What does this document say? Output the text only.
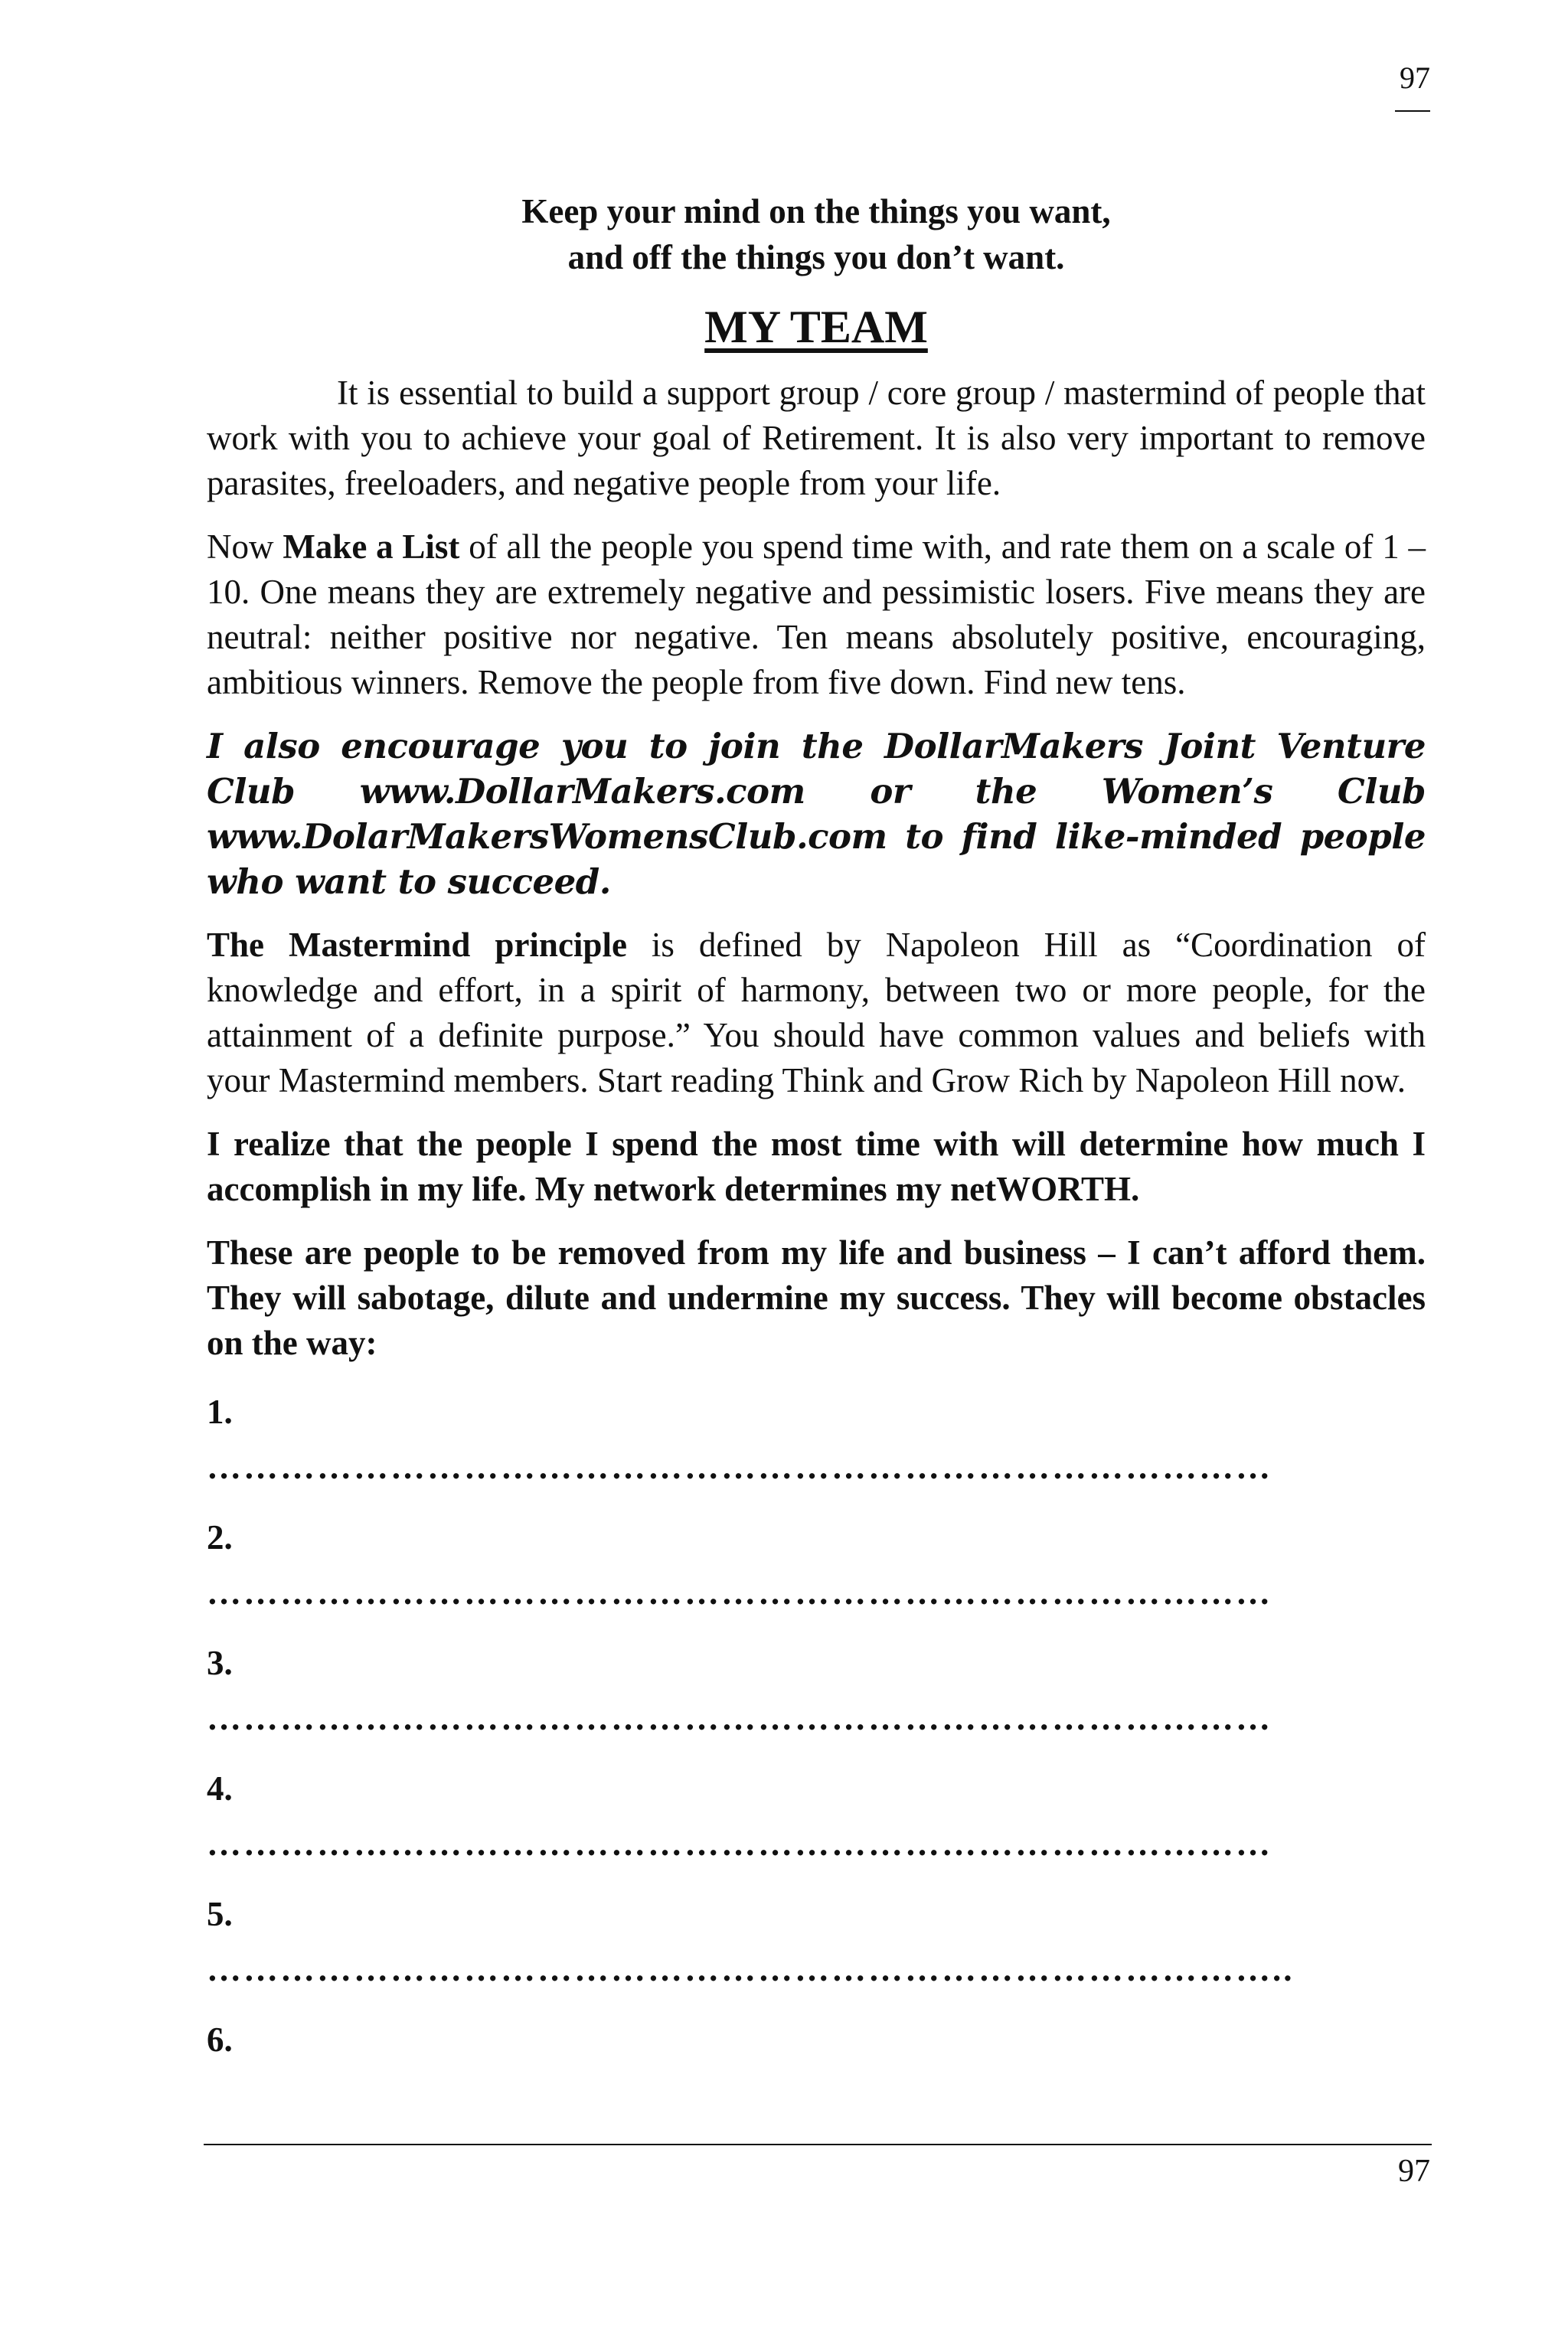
97

Keep your mind on the things you want,

and off the things you don’t want.

MY TEAM

It is essential to build a support group / core group / mastermind of people that work with you to achieve your goal of Retirement. It is also very important to remove parasites, freeloaders, and negative people from your life.

Now Make a List of all the people you spend time with, and rate them on a scale of 1 – 10. One means they are extremely negative and pessimistic losers. Five means they are neutral: neither positive nor negative. Ten means absolutely positive, encouraging, ambitious winners. Remove the people from five down. Find new tens.

I also encourage you to join the DollarMakers Joint Venture Club www.DollarMakers.com or the Women’s Club www.DolarMakersWomensClub.com to find like-minded people who want to succeed.

The Mastermind principle is defined by Napoleon Hill as “Coordination of knowledge and effort, in a spirit of harmony, between two or more people, for the attainment of a definite purpose.” You should have common values and beliefs with your Mastermind members. Start reading Think and Grow Rich by Napoleon Hill now.

I realize that the people I spend the most time with will determine how much I accomplish in my life. My network determines my netWORTH.

These are people to be removed from my life and business – I can’t afford them. They will sabotage, dilute and undermine my success. They will become obstacles on the way:

1.
……………………………………………………………………………
2.
……………………………………………………………………………
3.
……………………………………………………………………………
4.
……………………………………………………………………………
5.
……………………………………………………………………………..
6.
97
